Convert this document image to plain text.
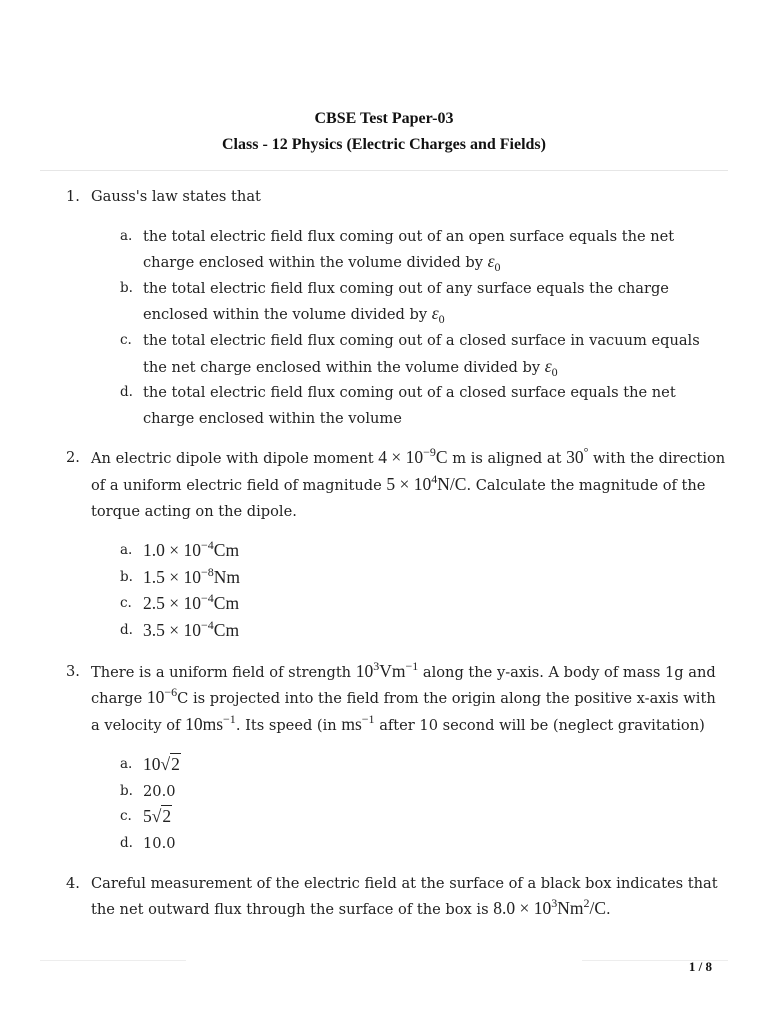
CBSE Test Paper-03
Class - 12 Physics (Electric Charges and Fields)
1. Gauss's law states that
a. the total electric field flux coming out of an open surface equals the net charge enclosed within the volume divided by $\varepsilon_0$
b. the total electric field flux coming out of any surface equals the charge enclosed within the volume divided by $\varepsilon_0$
c. the total electric field flux coming out of a closed surface in vacuum equals the net charge enclosed within the volume divided by $\varepsilon_0$
d. the total electric field flux coming out of a closed surface equals the net charge enclosed within the volume
2. An electric dipole with dipole moment $4 \times 10^{-9}C$ m is aligned at 30° with the direction of a uniform electric field of magnitude $5 \times 10^4N/C$. Calculate the magnitude of the torque acting on the dipole.
a. $1.0 \times 10^{-4}Cm$
b. $1.5 \times 10^{-8}Nm$
c. $2.5 \times 10^{-4}Cm$
d. $3.5 \times 10^{-4}Cm$
3. There is a uniform field of strength $10^3Vm^{-1}$ along the y-axis. A body of mass 1g and charge $10^{-6}C$ is projected into the field from the origin along the positive x-axis with a velocity of $10ms^{-1}$. Its speed (in $ms^{-1}$ after 10 second will be (neglect gravitation)
a. 10√2
b. 20.0
c. 5√2
d. 10.0
4. Careful measurement of the electric field at the surface of a black box indicates that the net outward flux through the surface of the box is $8.0 \times 10^3Nm^2/C$.
1 / 8
